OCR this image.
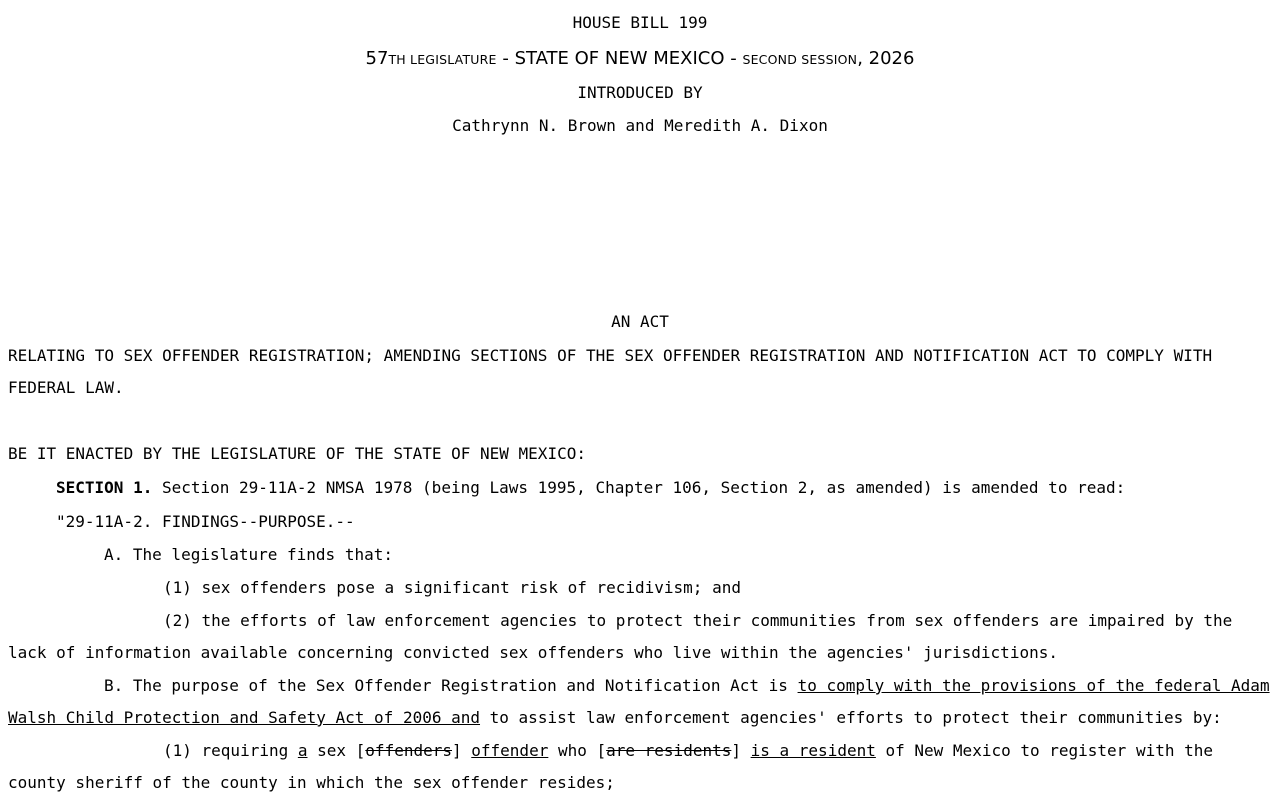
HOUSE BILL 199
57TH LEGISLATURE - STATE OF NEW MEXICO - SECOND SESSION, 2026
INTRODUCED BY
Cathrynn N. Brown and Meredith A. Dixon
AN ACT
RELATING TO SEX OFFENDER REGISTRATION; AMENDING SECTIONS OF THE SEX OFFENDER REGISTRATION AND NOTIFICATION ACT TO COMPLY WITH
FEDERAL LAW.
BE IT ENACTED BY THE LEGISLATURE OF THE STATE OF NEW MEXICO:
SECTION 1. Section 29-11A-2 NMSA 1978 (being Laws 1995, Chapter 106, Section 2, as amended) is amended to read:
"29-11A-2. FINDINGS--PURPOSE.--
A. The legislature finds that:
(1) sex offenders pose a significant risk of recidivism; and
(2) the efforts of law enforcement agencies to protect their communities from sex offenders are impaired by the
lack of information available concerning convicted sex offenders who live within the agencies' jurisdictions.
B. The purpose of the Sex Offender Registration and Notification Act is to comply with the provisions of the federal Adam
Walsh Child Protection and Safety Act of 2006 and to assist law enforcement agencies' efforts to protect their communities by:
(1) requiring a sex [offenders] offender who [are residents] is a resident of New Mexico to register with the
county sheriff of the county in which the sex offender resides;
